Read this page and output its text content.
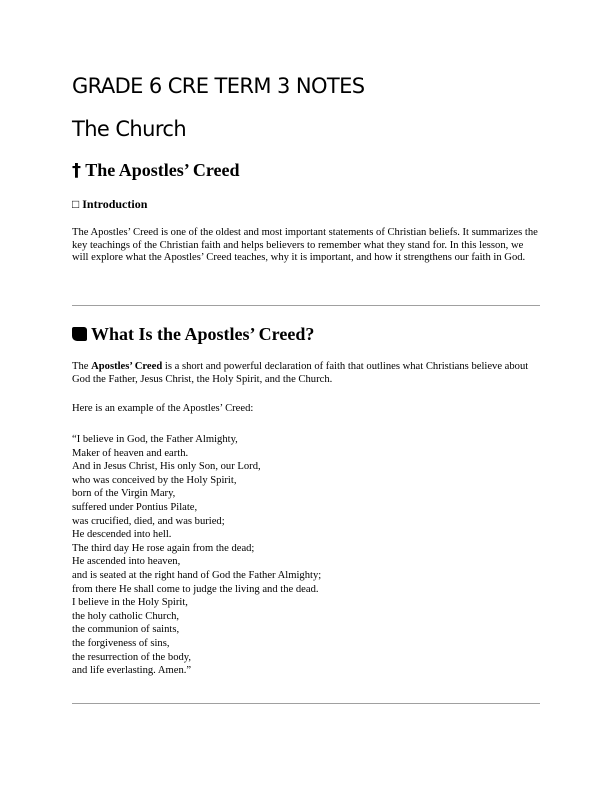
GRADE 6 CRE TERM 3 NOTES
The Church
† The Apostles’ Creed
□ Introduction

The Apostles’ Creed is one of the oldest and most important statements of Christian beliefs. It summarizes the key teachings of the Christian faith and helps believers to remember what they stand for. In this lesson, we will explore what the Apostles’ Creed teaches, why it is important, and how it strengthens our faith in God.

What Is the Apostles’ Creed?

The Apostles’ Creed is a short and powerful declaration of faith that outlines what Christians believe about God the Father, Jesus Christ, the Holy Spirit, and the Church.

Here is an example of the Apostles’ Creed:

“I believe in God, the Father Almighty,
Maker of heaven and earth.
And in Jesus Christ, His only Son, our Lord,
who was conceived by the Holy Spirit,
born of the Virgin Mary,
suffered under Pontius Pilate,
was crucified, died, and was buried;
He descended into hell.
The third day He rose again from the dead;
He ascended into heaven,
and is seated at the right hand of God the Father Almighty;
from there He shall come to judge the living and the dead.
I believe in the Holy Spirit,
the holy catholic Church,
the communion of saints,
the forgiveness of sins,
the resurrection of the body,
and life everlasting. Amen.”
